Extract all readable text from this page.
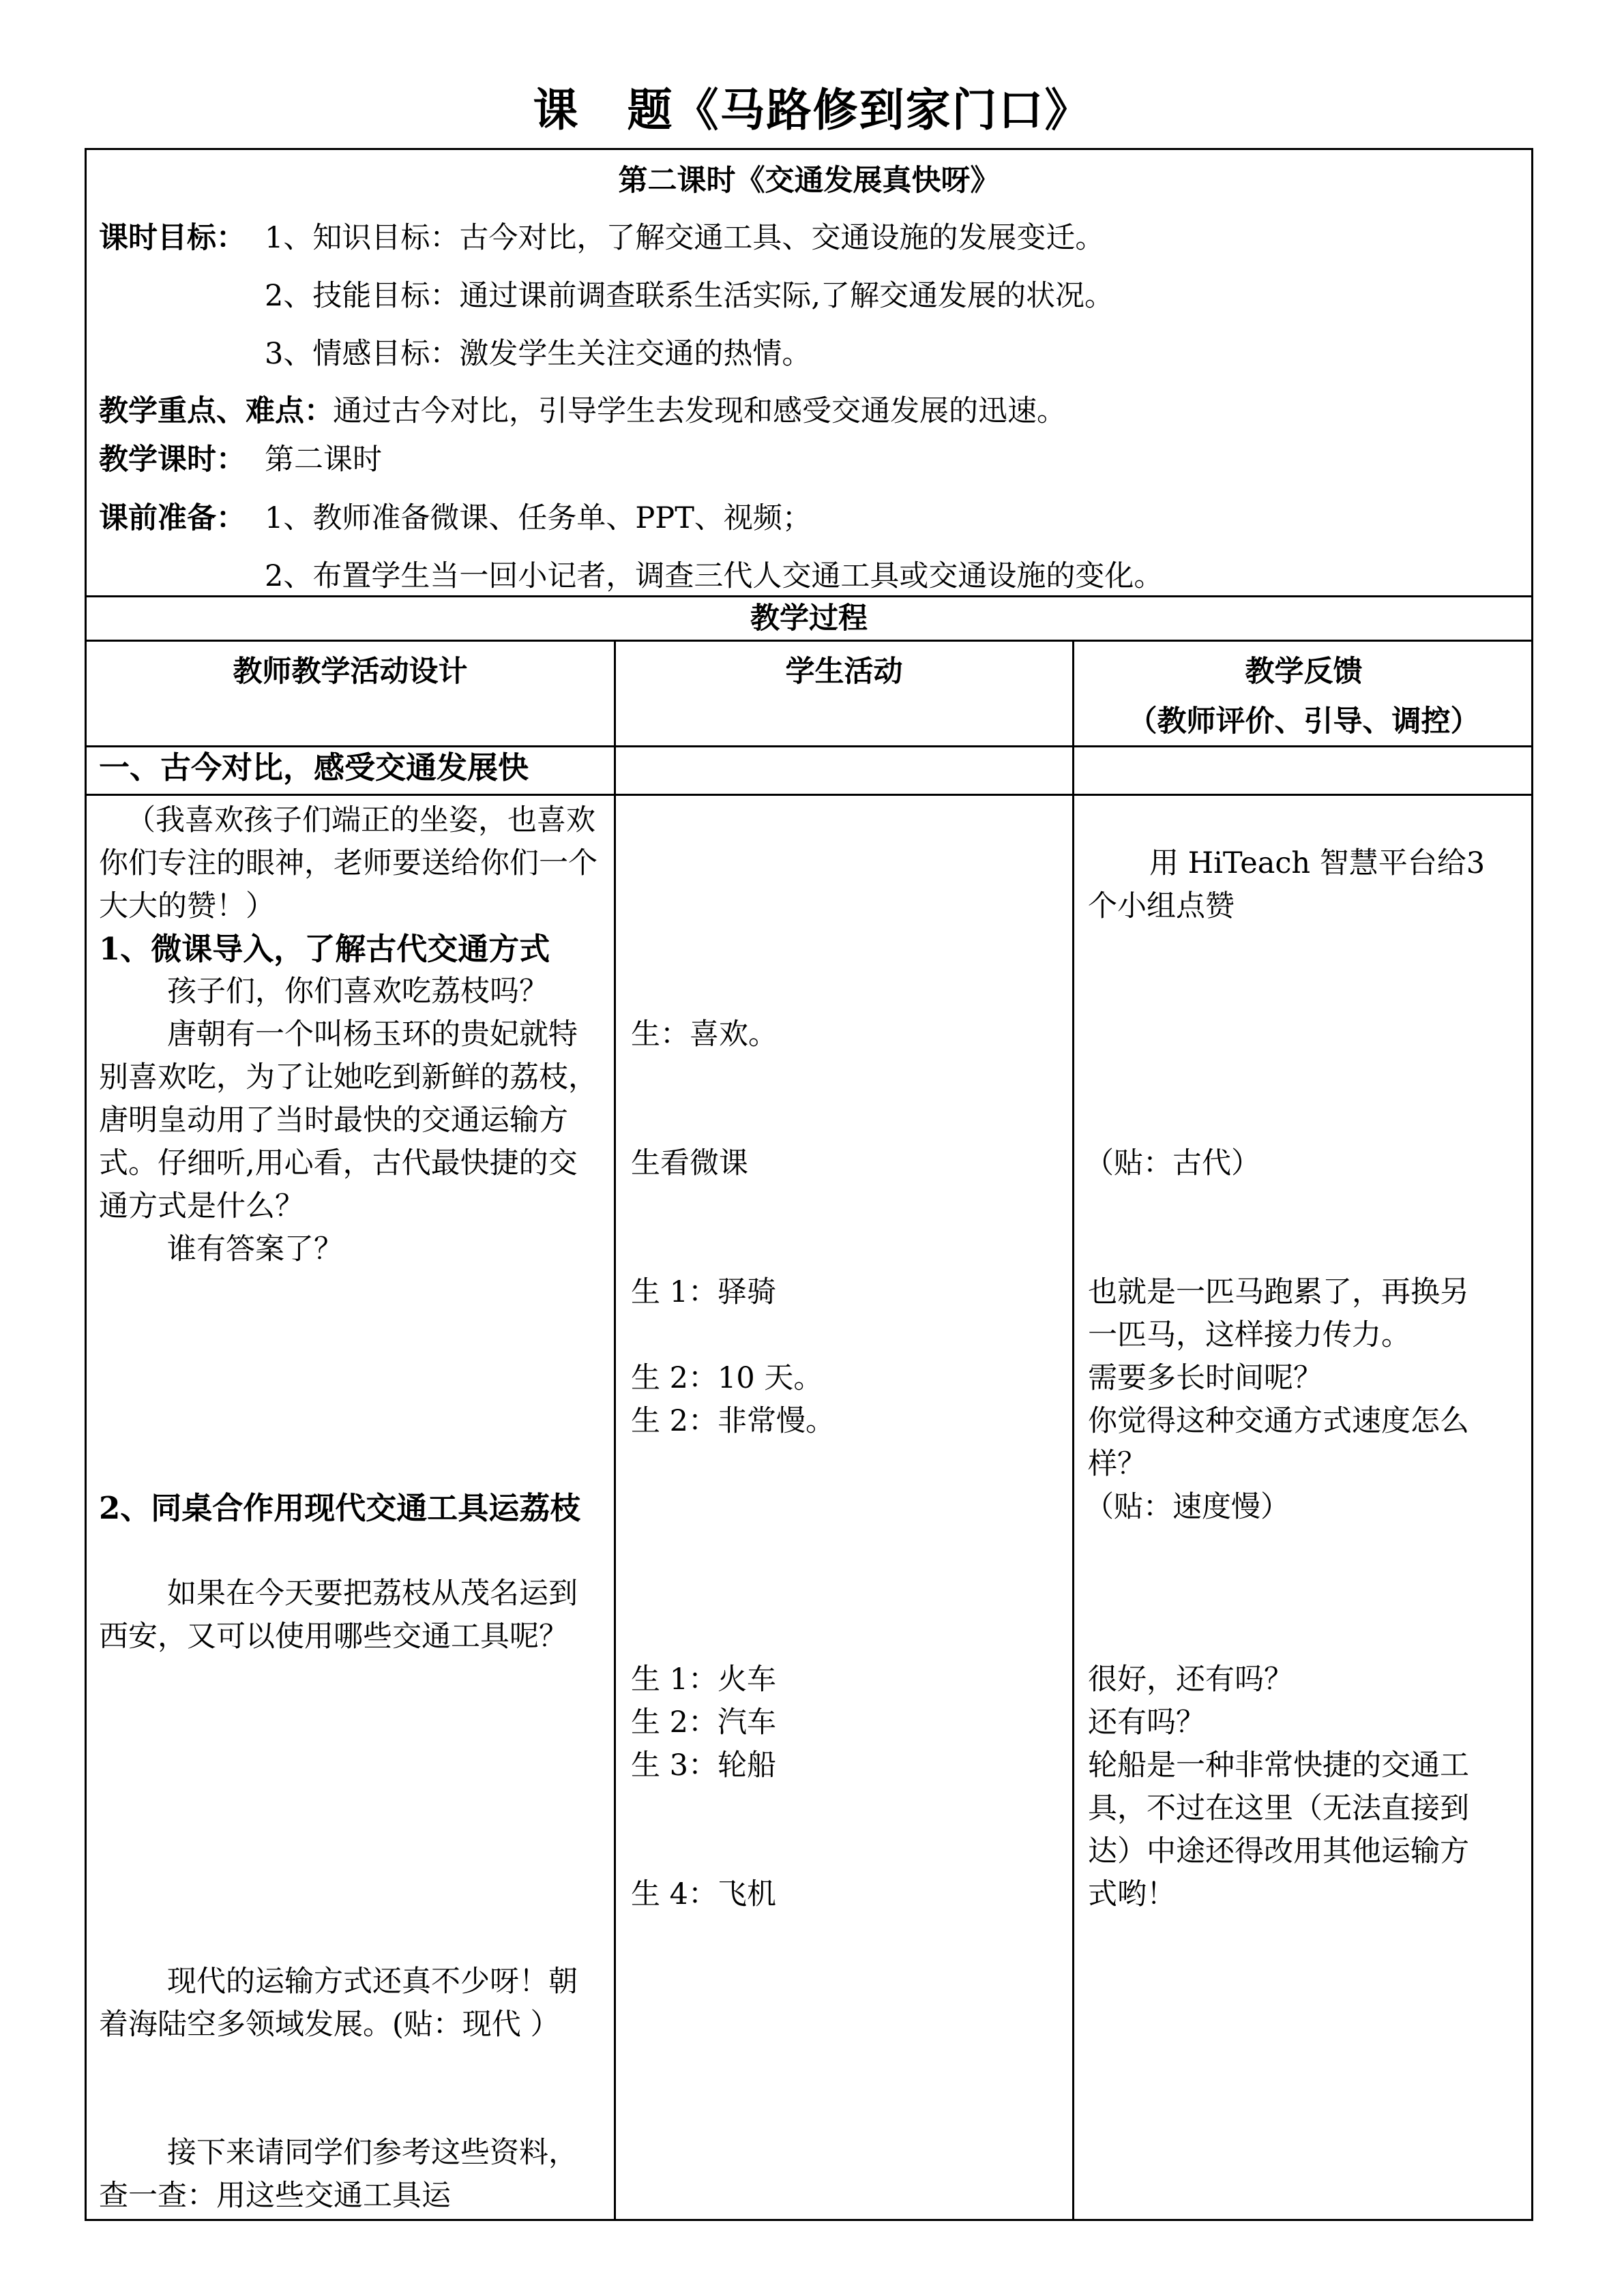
课 题《马路修到家门口》
第二课时《交通发展真快呀》
课时目标： 1、知识目标：古今对比，了解交通工具、交通设施的发展变迁。
2、技能目标：通过课前调查联系生活实际,了解交通发展的状况。
3、情感目标：激发学生关注交通的热情。
教学重点、难点： 通过古今对比，引导学生去发现和感受交通发展的迅速。
教学课时： 第二课时
课前准备： 1、教师准备微课、任务单、PPT、视频；
2、布置学生当一回小记者，调查三代人交通工具或交通设施的变化。
教学过程
教师教学活动设计	学生活动	教学反馈
（教师评价、引导、调控）
一、古今对比，感受交通发展快
（我喜欢孩子们端正的坐姿，也喜欢你们专注的眼神，老师要送给你们一个大大的赞！）
1、微课导入，了解古代交通方式
孩子们，你们喜欢吃荔枝吗？
唐朝有一个叫杨玉环的贵妃就特别喜欢吃，为了让她吃到新鲜的荔枝，唐明皇动用了当时最快的交通运输方式。仔细听,用心看，古代最快捷的交通方式是什么？
谁有答案了？
2、同桌合作用现代交通工具运荔枝
如果在今天要把荔枝从茂名运到西安，又可以使用哪些交通工具呢？
现代的运输方式还真不少呀！朝着海陆空多领域发展。(贴：现代 ）
接下来请同学们参考这些资料，查一查：用这些交通工具运
生：喜欢。
生看微课
生 1：驿骑
生 2：10 天。
生 2：非常慢。
生 1：火车
生 2：汽车
生 3：轮船
生 4：飞机
用 HiTeach 智慧平台给3 个小组点赞
（贴：古代）
也就是一匹马跑累了，再换另一匹马，这样接力传力。
需要多长时间呢？
你觉得这种交通方式速度怎么样？
（贴：速度慢）
很好，还有吗？
还有吗？
轮船是一种非常快捷的交通工具，不过在这里（无法直接到达）中途还得改用其他运输方式哟！
